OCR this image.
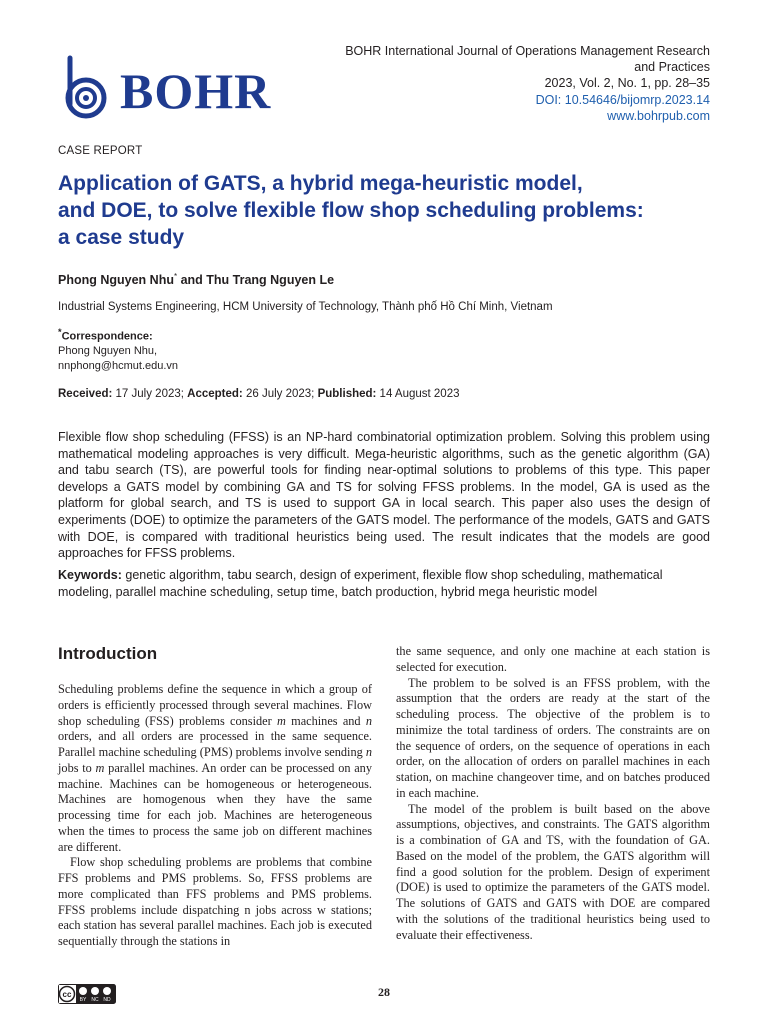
BOHR
BOHR International Journal of Operations Management Research
and Practices
2023, Vol. 2, No. 1, pp. 28–35
DOI: 10.54646/bijomrp.2023.14
www.bohrpub.com
CASE REPORT
Application of GATS, a hybrid mega-heuristic model,
and DOE, to solve flexible flow shop scheduling problems:
a case study
Phong Nguyen Nhu* and Thu Trang Nguyen Le
Industrial Systems Engineering, HCM University of Technology, Thành phố Hồ Chí Minh, Vietnam
*Correspondence:
Phong Nguyen Nhu,
nnphong@hcmut.edu.vn
Received: 17 July 2023; Accepted: 26 July 2023; Published: 14 August 2023
Flexible flow shop scheduling (FFSS) is an NP-hard combinatorial optimization problem. Solving this problem using mathematical modeling approaches is very difficult. Mega-heuristic algorithms, such as the genetic algorithm (GA) and tabu search (TS), are powerful tools for finding near-optimal solutions to problems of this type. This paper develops a GATS model by combining GA and TS for solving FFSS problems. In the model, GA is used as the platform for global search, and TS is used to support GA in local search. This paper also uses the design of experiments (DOE) to optimize the parameters of the GATS model. The performance of the models, GATS and GATS with DOE, is compared with traditional heuristics being used. The result indicates that the models are good approaches for FFSS problems.
Keywords: genetic algorithm, tabu search, design of experiment, flexible flow shop scheduling, mathematical modeling, parallel machine scheduling, setup time, batch production, hybrid mega heuristic model
Introduction

Scheduling problems define the sequence in which a group of orders is efficiently processed through several machines. Flow shop scheduling (FSS) problems consider m machines and n orders, and all orders are processed in the same sequence. Parallel machine scheduling (PMS) problems involve sending n jobs to m parallel machines. An order can be processed on any machine. Machines can be homogeneous or heterogeneous. Machines are homogenous when they have the same processing time for each job. Machines are heterogeneous when the times to process the same job on different machines are different.

Flow shop scheduling problems are problems that combine FFS problems and PMS problems. So, FFSS problems are more complicated than FFS problems and PMS problems. FFSS problems include dispatching n jobs across w stations; each station has several parallel machines. Each job is executed sequentially through the stations in

the same sequence, and only one machine at each station is selected for execution.

The problem to be solved is an FFSS problem, with the assumption that the orders are ready at the start of the scheduling process. The objective of the problem is to minimize the total tardiness of orders. The constraints are on the sequence of orders, on the sequence of operations in each order, on the allocation of orders on parallel machines in each station, on machine changeover time, and on batches produced in each machine.

The model of the problem is built based on the above assumptions, objectives, and constraints. The GATS algorithm is a combination of GA and TS, with the foundation of GA. Based on the model of the problem, the GATS algorithm will find a good solution for the problem. Design of experiment (DOE) is used to optimize the parameters of the GATS model. The solutions of GATS and GATS with DOE are compared with the solutions of the traditional heuristics being used to evaluate their effectiveness.

cc
BY NC ND
28
